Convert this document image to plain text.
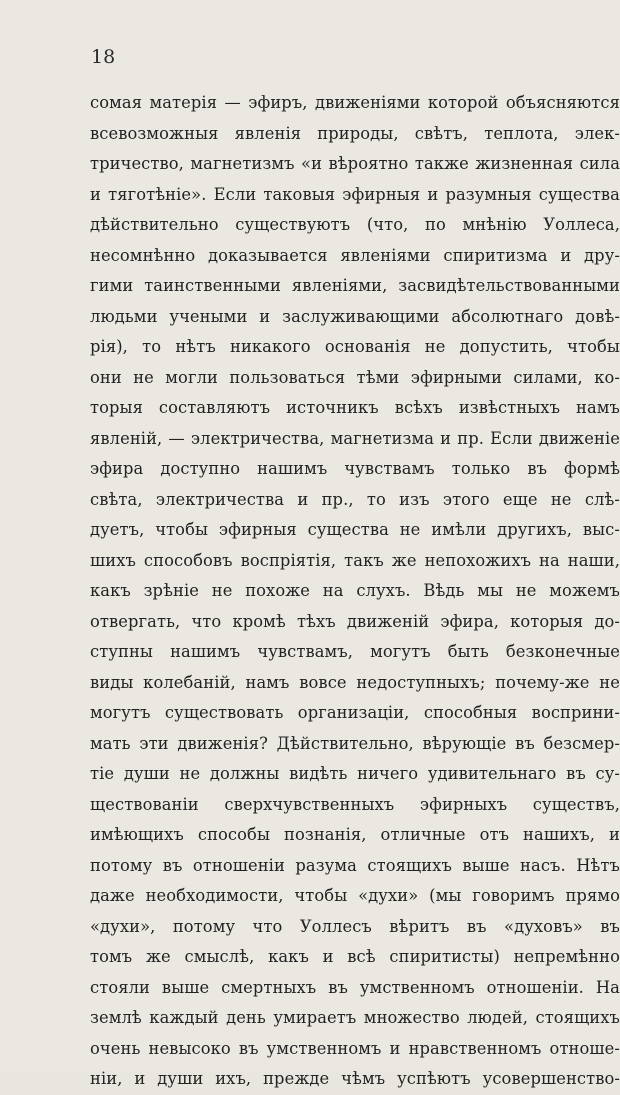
18
сомая матерія — эфиръ, движеніями которой объясняются
всевозможныя явленія природы, свѣтъ, теплота, элек-
тричество, магнетизмъ «и вѣроятно также жизненная сила
и тяготѣніе». Если таковыя эфирныя и разумныя существа
дѣйствительно существуютъ (что, по мнѣнію Уоллеса,
несомнѣнно доказывается явленіями спиритизма и дру-
гими таинственными явленіями, засвидѣтельствованными
людьми учеными и заслуживающими абсолютнаго довѣ-
рія), то нѣтъ никакого основанія не допустить, чтобы
они не могли пользоваться тѣми эфирными силами, ко-
торыя составляютъ источникъ всѣхъ извѣстныхъ намъ
явленій, — электричества, магнетизма и пр. Если движеніе
эфира доступно нашимъ чувствамъ только въ формѣ
свѣта, электричества и пр., то изъ этого еще не слѣ-
дуетъ, чтобы эфирныя существа не имѣли другихъ, выс-
шихъ способовъ воспріятія, такъ же непохожихъ на наши,
какъ зрѣніе не похоже на слухъ. Вѣдь мы не можемъ
отвергать, что кромѣ тѣхъ движеній эфира, которыя до-
ступны нашимъ чувствамъ, могутъ быть безконечные
виды колебаній, намъ вовсе недоступныхъ; почему-же не
могутъ существовать организаціи, способныя восприни-
мать эти движенія? Дѣйствительно, вѣрующіе въ безсмер-
тіе души не должны видѣть ничего удивительнаго въ су-
ществованіи сверхчувственныхъ эфирныхъ существъ,
имѣющихъ способы познанія, отличные отъ нашихъ, и
потому въ отношеніи разума стоящихъ выше насъ. Нѣтъ
даже необходимости, чтобы «духи» (мы говоримъ прямо
«духи», потому что Уоллесъ вѣритъ въ «духовъ» въ
томъ же смыслѣ, какъ и всѣ спиритисты) непремѣнно
стояли выше смертныхъ въ умственномъ отношеніи. На
землѣ каждый день умираетъ множество людей, стоящихъ
очень невысоко въ умственномъ и нравственномъ отноше-
ніи, и души ихъ, прежде чѣмъ успѣютъ усовершенство-
